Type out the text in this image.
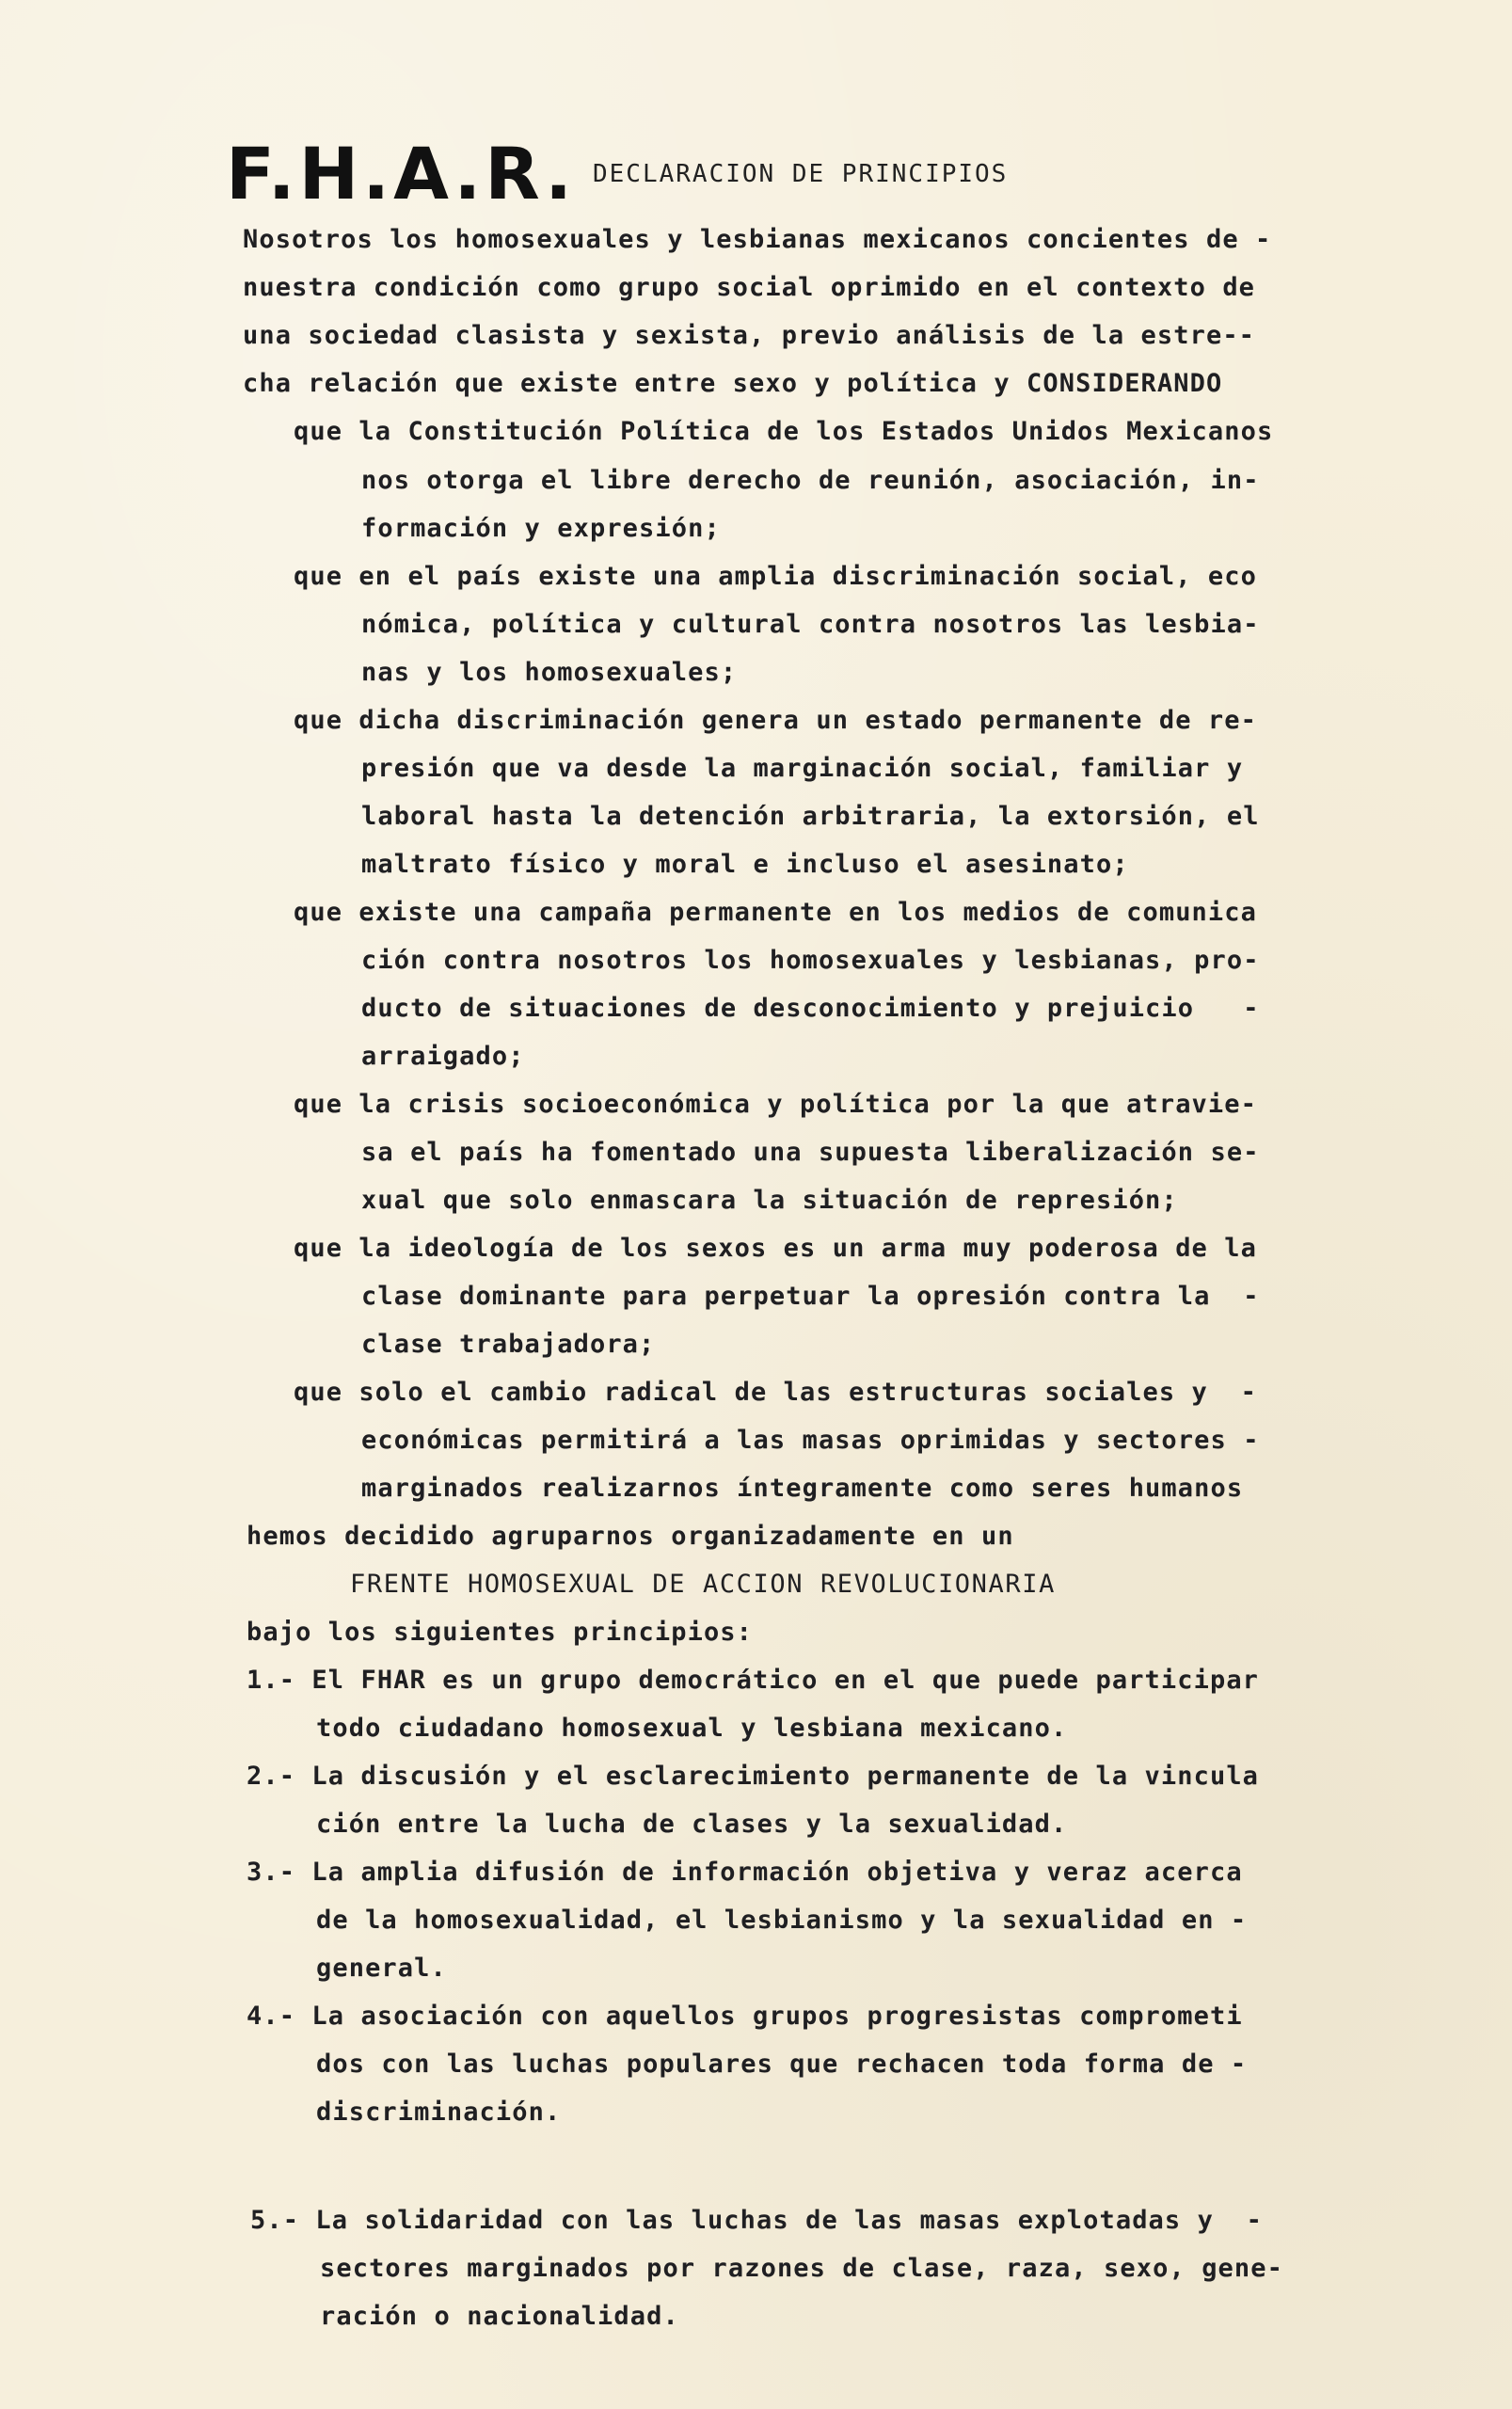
F.H.A.R. DECLARACION DE PRINCIPIOS
Nosotros los homosexuales y lesbianas mexicanos concientes de -
nuestra condición como grupo social oprimido en el contexto de
una sociedad clasista y sexista, previo análisis de la estre--
cha relación que existe entre sexo y política y CONSIDERANDO
que la Constitución Política de los Estados Unidos Mexicanos
nos otorga el libre derecho de reunión, asociación, in-
formación y expresión;
que en el país existe una amplia discriminación social, eco
nómica, política y cultural contra nosotros las lesbia-
nas y los homosexuales;
que dicha discriminación genera un estado permanente de re-
presión que va desde la marginación social, familiar y
laboral hasta la detención arbitraria, la extorsión, el
maltrato físico y moral e incluso el asesinato;
que existe una campaña permanente en los medios de comunica
ción contra nosotros los homosexuales y lesbianas, pro-
ducto de situaciones de desconocimiento y prejuicio   -
arraigado;
que la crisis socioeconómica y política por la que atravie-
sa el país ha fomentado una supuesta liberalización se-
xual que solo enmascara la situación de represión;
que la ideología de los sexos es un arma muy poderosa de la
clase dominante para perpetuar la opresión contra la  -
clase trabajadora;
que solo el cambio radical de las estructuras sociales y  -
económicas permitirá a las masas oprimidas y sectores -
marginados realizarnos íntegramente como seres humanos
hemos decidido agruparnos organizadamente en un
FRENTE HOMOSEXUAL DE ACCION REVOLUCIONARIA
bajo los siguientes principios:
1.- El FHAR es un grupo democrático en el que puede participar
todo ciudadano homosexual y lesbiana mexicano.
2.- La discusión y el esclarecimiento permanente de la vincula
ción entre la lucha de clases y la sexualidad.
3.- La amplia difusión de información objetiva y veraz acerca
de la homosexualidad, el lesbianismo y la sexualidad en -
general.
4.- La asociación con aquellos grupos progresistas comprometi
dos con las luchas populares que rechacen toda forma de -
discriminación.
5.- La solidaridad con las luchas de las masas explotadas y  -
sectores marginados por razones de clase, raza, sexo, gene-
ración o nacionalidad.
